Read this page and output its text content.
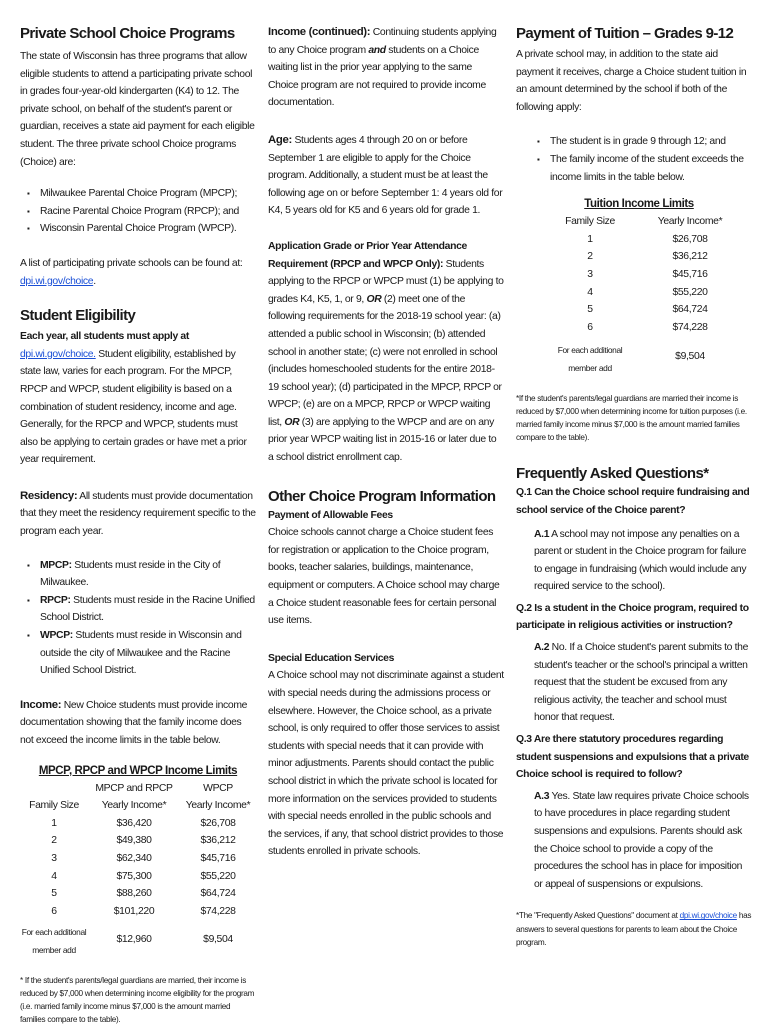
Private School Choice Programs

The state of Wisconsin has three programs that allow eligible students to attend a participating private school in grades four-year-old kindergarten (K4) to 12. The private school, on behalf of the student's parent or guardian, receives a state aid payment for each eligible student. The three private school Choice programs (Choice) are:

▪ Milwaukee Parental Choice Program (MPCP);
▪ Racine Parental Choice Program (RPCP); and
▪ Wisconsin Parental Choice Program (WPCP).

A list of participating private schools can be found at:
dpi.wi.gov/choice.

Student Eligibility

Each year, all students must apply at dpi.wi.gov/choice. Student eligibility, established by state law, varies for each program. For the MPCP, RPCP and WPCP, student eligibility is based on a combination of student residency, income and age. Generally, for the RPCP and WPCP, students must also be applying to certain grades or have met a prior year requirement.

Residency: All students must provide documentation that they meet the residency requirement specific to the program each year.

▪ MPCP: Students must reside in the City of Milwaukee.
▪ RPCP: Students must reside in the Racine Unified School District.
▪ WPCP: Students must reside in Wisconsin and outside the city of Milwaukee and the Racine Unified School District.

Income: New Choice students must provide income documentation showing that the family income does not exceed the income limits in the table below.

MPCP, RPCP and WPCP Income Limits
	MPCP and RPCP	WPCP
Family Size	Yearly Income*	Yearly Income*
1	$36,420	$26,708
2	$49,380	$36,212
3	$62,340	$45,716
4	$75,300	$55,220
5	$88,260	$64,724
6	$101,220	$74,228
For each additional member add	$12,960	$9,504

* If the student's parents/legal guardians are married, their income is reduced by $7,000 when determining income eligibility for the program (i.e. married family income minus $7,000 is the amount married families compare to the table).

Income (continued): Continuing students applying to any Choice program and students on a Choice waiting list in the prior year applying to the same Choice program are not required to provide income documentation.

Age: Students ages 4 through 20 on or before September 1 are eligible to apply for the Choice program. Additionally, a student must be at least the following age on or before September 1: 4 years old for K4, 5 years old for K5 and 6 years old for grade 1.

Application Grade or Prior Year Attendance Requirement (RPCP and WPCP Only): Students applying to the RPCP or WPCP must (1) be applying to grades K4, K5, 1, or 9, OR (2) meet one of the following requirements for the 2018-19 school year: (a) attended a public school in Wisconsin; (b) attended school in another state; (c) were not enrolled in school (includes homeschooled students for the entire 2018-19 school year); (d) participated in the MPCP, RPCP or WPCP; (e) are on a MPCP, RPCP or WPCP waiting list, OR (3) are applying to the WPCP and are on any prior year WPCP waiting list in 2015-16 or later due to a school district enrollment cap.

Other Choice Program Information
Payment of Allowable Fees

Choice schools cannot charge a Choice student fees for registration or application to the Choice program, books, teacher salaries, buildings, maintenance, equipment or computers. A Choice school may charge a Choice student reasonable fees for certain personal use items.

Special Education Services

A Choice school may not discriminate against a student with special needs during the admissions process or elsewhere. However, the Choice school, as a private school, is only required to offer those services to assist students with special needs that it can provide with minor adjustments. Parents should contact the public school district in which the private school is located for more information on the services provided to students with special needs enrolled in the public schools and the services, if any, that school district provides to those students enrolled in private schools.

Payment of Tuition – Grades 9-12

A private school may, in addition to the state aid payment it receives, charge a Choice student tuition in an amount determined by the school if both of the following apply:

▪ The student is in grade 9 through 12; and
▪ The family income of the student exceeds the income limits in the table below.
Tuition Income Limits
Family Size	Yearly Income*
1	$26,708
2	$36,212
3	$45,716
4	$55,220
5	$64,724
6	$74,228
For each additional member add	$9,504

*If the student's parents/legal guardians are married their income is reduced by $7,000 when determining income for tuition purposes (i.e. married family income minus $7,000 is the amount married families compare to the table).

Frequently Asked Questions*
Q.1 Can the Choice school require fundraising and school service of the Choice parent?

A.1 A school may not impose any penalties on a parent or student in the Choice program for failure to engage in fundraising (which would include any required service to the school).

Q.2 Is a student in the Choice program, required to participate in religious activities or instruction?

A.2 No. If a Choice student's parent submits to the student's teacher or the school's principal a written request that the student be excused from any religious activity, the teacher and school must honor that request.

Q.3 Are there statutory procedures regarding student suspensions and expulsions that a private Choice school is required to follow?

A.3 Yes. State law requires private Choice schools to have procedures in place regarding student suspensions and expulsions. Parents should ask the Choice school to provide a copy of the procedures the school has in place for imposition or appeal of suspensions or expulsions.

*The "Frequently Asked Questions" document at dpi.wi.gov/choice has answers to several questions for parents to learn about the Choice program.
